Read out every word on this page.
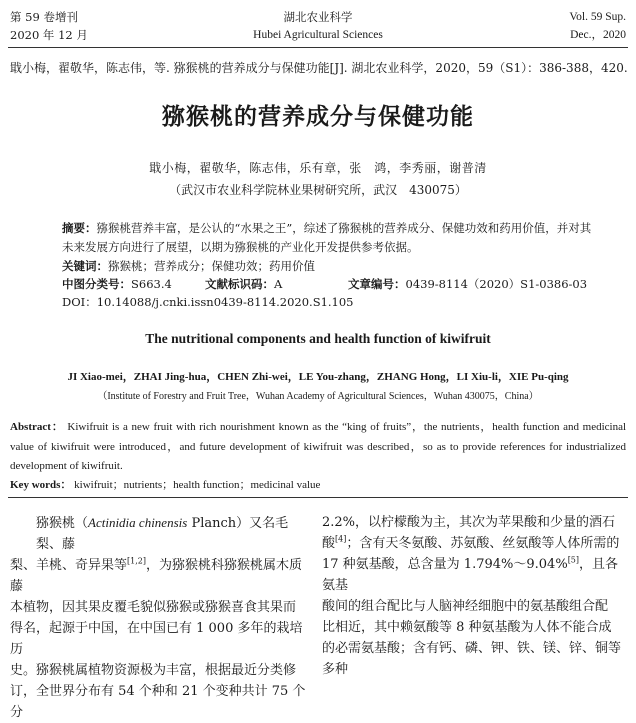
第 59 卷增刊
2020 年 12 月
湖北农业科学
Hubei Agricultural Sciences
Vol. 59 Sup.
Dec.，2020
戢小梅，翟敬华，陈志伟，等. 猕猴桃的营养成分与保健功能[J]. 湖北农业科学，2020，59（S1）：386-388，420.
猕猴桃的营养成分与保健功能
戢小梅，翟敬华，陈志伟，乐有章，张　鸿，李秀丽，谢普清
（武汉市农业科学院林业果树研究所，武汉　430075）
摘要：猕猴桃营养丰富，是公认的“水果之王”，综述了猕猴桃的营养成分、保健功效和药用价值，并对其未来发展方向进行了展望，以期为猕猴桃的产业化开发提供参考依据。
关键词：猕猴桃；营养成分；保健功效；药用价值
中图分类号：S663.4	文献标识码：A	文章编号：0439-8114（2020）S1-0386-03
DOI：10.14088/j.cnki.issn0439-8114.2020.S1.105
The nutritional components and health function of kiwifruit
JI Xiao-mei，ZHAI Jing-hua，CHEN Zhi-wei，LE You-zhang，ZHANG Hong，LI Xiu-li，XIE Pu-qing
（Institute of Forestry and Fruit Tree，Wuhan Academy of Agricultural Sciences，Wuhan 430075，China）
Abstract： Kiwifruit is a new fruit with rich nourishment known as the “king of fruits”，the nutrients，health function and medicinal value of kiwifruit were introduced，and future development of kiwifruit was described，so as to provide references for industrialized development of kiwifruit.
Key words： kiwifruit；nutrients；health function；medicinal value

猕猴桃（Actinidia chinensis Planch）又名毛梨、藤

梨、羊桃、奇异果等[1,2]，为猕猴桃科猕猴桃属木质藤

本植物，因其果皮覆毛貌似猕猴或猕猴喜食其果而

得名，起源于中国，在中国已有 1 000 多年的栽培历

史。猕猴桃属植物资源极为丰富，根据最近分类修

订，全世界分布有 54 个种和 21 个变种共计 75 个分

2.2%，以柠檬酸为主，其次为苹果酸和少量的酒石

酸[4]；含有天冬氨酸、苏氨酸、丝氨酸等人体所需的

17 种氨基酸，总含量为 1.794%～9.04%[5]，且各氨基

酸间的组合配比与人脑神经细胞中的氨基酸组合配

比相近，其中赖氨酸等 8 种氨基酸为人体不能合成

的必需氨基酸；含有钙、磷、钾、铁、镁、锌、铜等多种
